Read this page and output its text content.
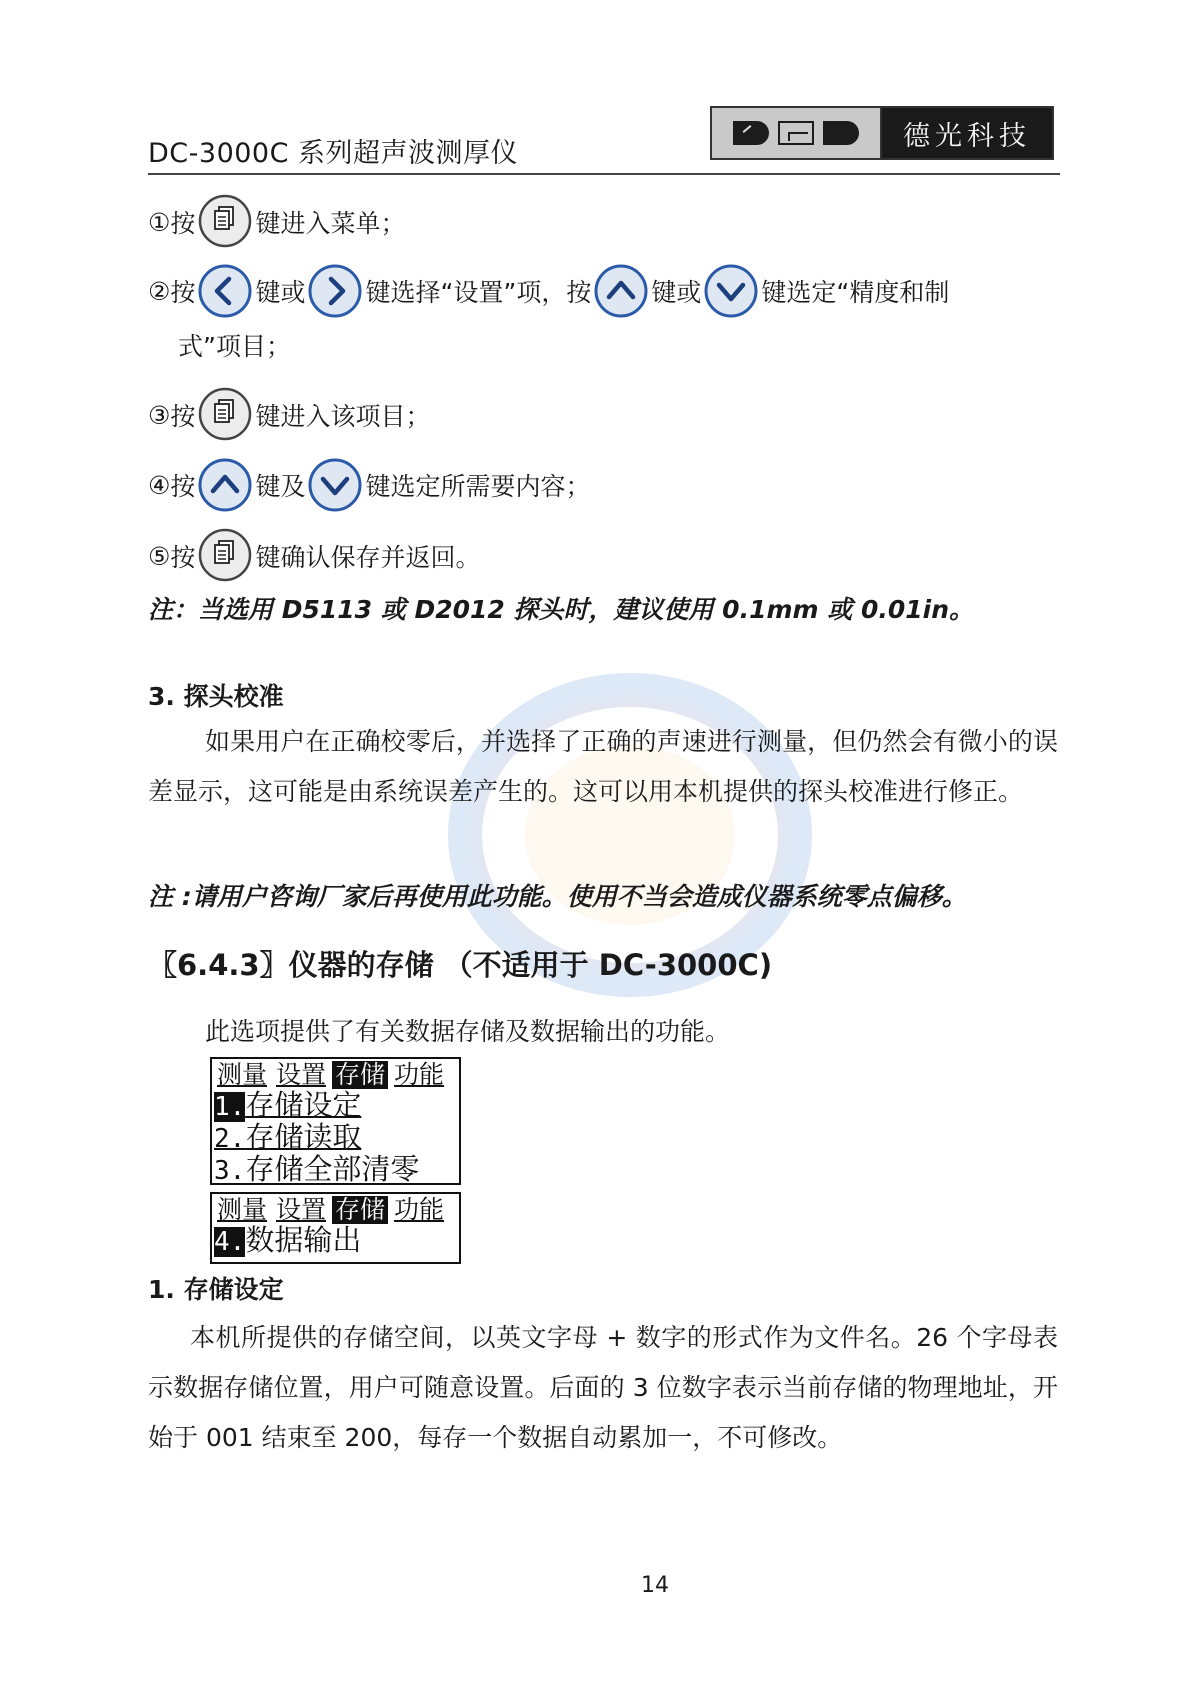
DC-3000C 系列超声波测厚仪
德光科技
① 按 键进入菜单；
② 按 键或 键选择“设置”项，按 键或 键选定“精度和制
式”项目；
③ 按 键进入该项目；
④ 按 键及 键选定所需要内容；
⑤ 按 键确认保存并返回。
注：当选用 D5113 或 D2012 探头时，建议使用 0.1mm 或 0.01in。
3. 探头校准
如果用户在正确校零后，并选择了正确的声速进行测量，但仍然会有微小的误差显示，这可能是由系统误差产生的。这可以用本机提供的探头校准进行修正。
注 :请用户咨询厂家后再使用此功能。使用不当会造成仪器系统零点偏移。
〖6.4.3〗仪器的存储 （不适用于 DC-3000C)
此选项提供了有关数据存储及数据输出的功能。
测量 设置 存储 功能
1.存储设定
2.存储读取
3.存储全部清零
测量 设置 存储 功能
4.数据输出
1. 存储设定
本机所提供的存储空间，以英文字母 + 数字的形式作为文件名。26 个字母表示数据存储位置，用户可随意设置。后面的 3 位数字表示当前存储的物理地址，开始于 001 结束至 200，每存一个数据自动累加一，不可修改。
14
